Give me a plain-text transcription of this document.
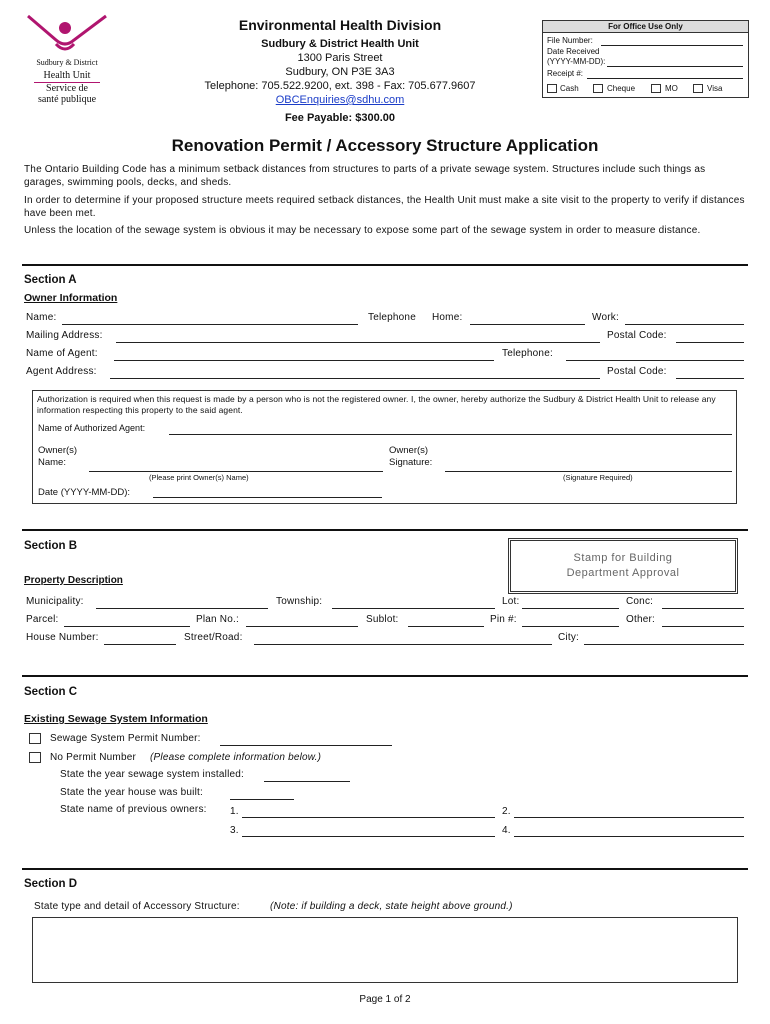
Sudbury & District
Health Unit
Service de
santé publique
Environmental Health Division
Sudbury & District Health Unit
1300 Paris Street
Sudbury, ON P3E 3A3
Telephone: 705.522.9200, ext. 398 - Fax: 705.677.9607
OBCEnquiries@sdhu.com
Fee Payable: $300.00
For Office Use Only
File Number:
Date Received
(YYYY-MM-DD):
Receipt #:
Cash	Cheque	MO	Visa
Renovation Permit / Accessory Structure Application
The Ontario Building Code has a minimum setback distances from structures to parts of a private sewage system. Structures include such things as garages, swimming pools, decks, and sheds.
In order to determine if your proposed structure meets required setback distances, the Health Unit must make a site visit to the property to verify if distances have been met.
Unless the location of the sewage system is obvious it may be necessary to expose some part of the sewage system in order to measure distance.
Section A
Owner Information
Name:	Telephone Home:	Work:
Mailing Address:	Postal Code:
Name of Agent:	Telephone:
Agent Address:	Postal Code:
Authorization is required when this request is made by a person who is not the registered owner. I, the owner, hereby authorize the Sudbury & District Health Unit to release any information respecting this property to the said agent.
Name of Authorized Agent:
Owner(s)
Name:
Owner(s)
Signature:
(Please print Owner(s) Name)	(Signature Required)
Date (YYYY-MM-DD):
Section B
Stamp for Building
Department Approval
Property Description
Municipality:	Township:	Lot:	Conc:
Parcel:	Plan No.:	Sublot:	Pin #:	Other:
House Number:	Street/Road:	City:
Section C
Existing Sewage System Information
Sewage System Permit Number:
No Permit Number (Please complete information below.)
State the year sewage system installed:
State the year house was built:
State name of previous owners: 1.	2.
3.	4.
Section D
State type and detail of Accessory Structure:	(Note: if building a deck, state height above ground.)
Page 1 of 2
